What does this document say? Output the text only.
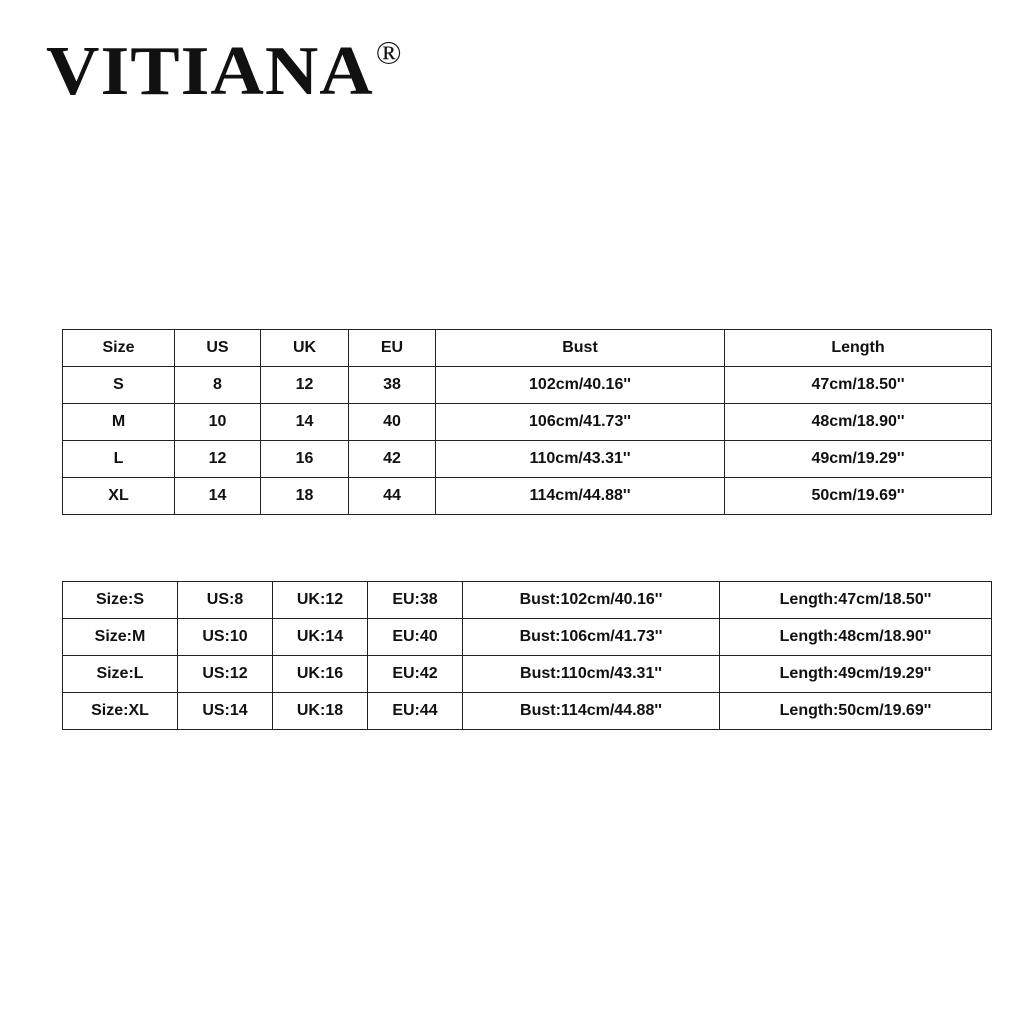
VITIANA®
Size	US	UK	EU	Bust	Length
S	8	12	38	102cm/40.16''	47cm/18.50''
M	10	14	40	106cm/41.73''	48cm/18.90''
L	12	16	42	110cm/43.31''	49cm/19.29''
XL	14	18	44	114cm/44.88''	50cm/19.69''
Size:S	US:8	UK:12	EU:38	Bust:102cm/40.16''	Length:47cm/18.50''
Size:M	US:10	UK:14	EU:40	Bust:106cm/41.73''	Length:48cm/18.90''
Size:L	US:12	UK:16	EU:42	Bust:110cm/43.31''	Length:49cm/19.29''
Size:XL	US:14	UK:18	EU:44	Bust:114cm/44.88''	Length:50cm/19.69''
